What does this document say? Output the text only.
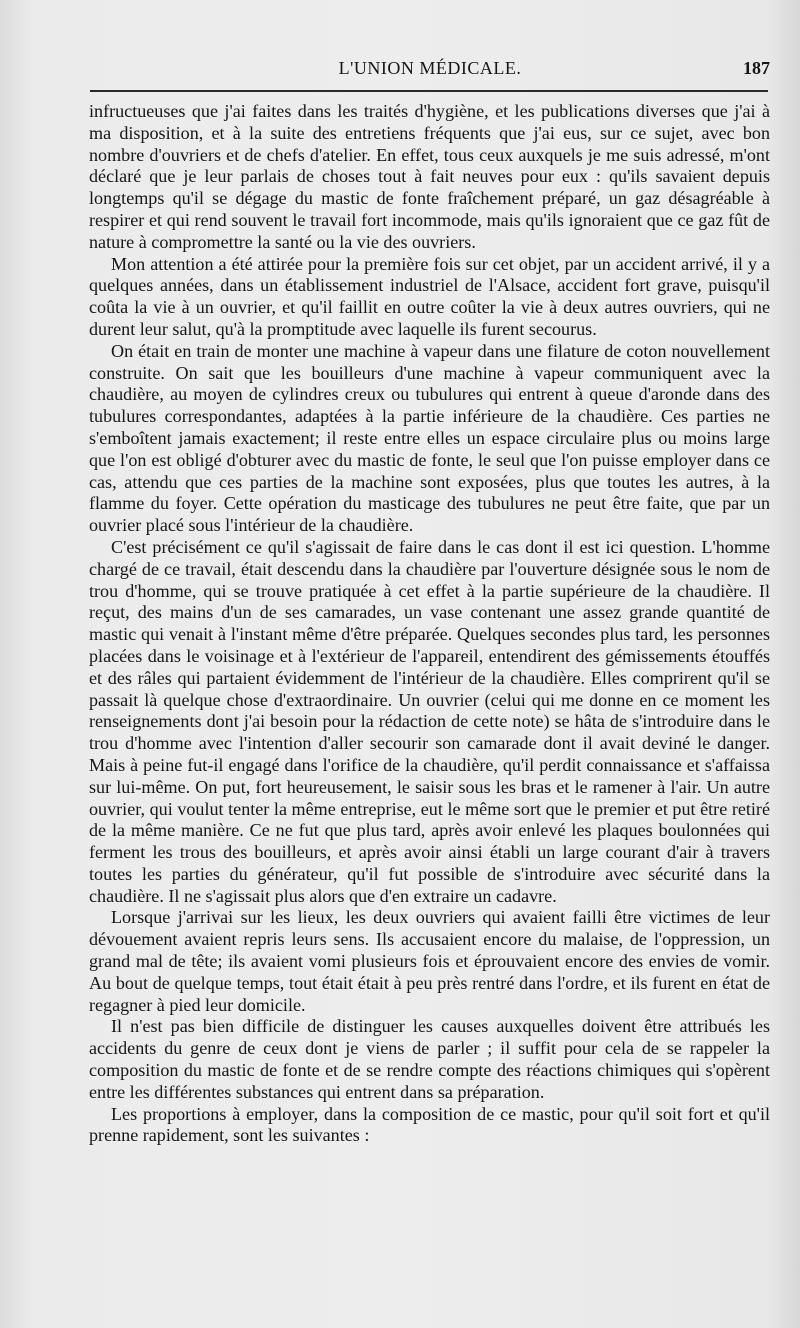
L'UNION MÉDICALE.	187

infructueuses que j'ai faites dans les traités d'hygiène, et les publications diverses que j'ai à ma disposition, et à la suite des entretiens fréquents que j'ai eus, sur ce sujet, avec bon nombre d'ouvriers et de chefs d'atelier. En effet, tous ceux auxquels je me suis adressé, m'ont déclaré que je leur parlais de choses tout à fait neuves pour eux : qu'ils savaient depuis longtemps qu'il se dégage du mastic de fonte fraîchement préparé, un gaz désagréable à respirer et qui rend souvent le travail fort incommode, mais qu'ils ignoraient que ce gaz fût de nature à compromettre la santé ou la vie des ouvriers.

Mon attention a été attirée pour la première fois sur cet objet, par un accident arrivé, il y a quelques années, dans un établissement industriel de l'Alsace, accident fort grave, puisqu'il coûta la vie à un ouvrier, et qu'il faillit en outre coûter la vie à deux autres ouvriers, qui ne durent leur salut, qu'à la promptitude avec laquelle ils furent secourus.

On était en train de monter une machine à vapeur dans une filature de coton nouvellement construite. On sait que les bouilleurs d'une machine à vapeur communiquent avec la chaudière, au moyen de cylindres creux ou tubulures qui entrent à queue d'aronde dans des tubulures correspondantes, adaptées à la partie inférieure de la chaudière. Ces parties ne s'emboîtent jamais exactement; il reste entre elles un espace circulaire plus ou moins large que l'on est obligé d'obturer avec du mastic de fonte, le seul que l'on puisse employer dans ce cas, attendu que ces parties de la machine sont exposées, plus que toutes les autres, à la flamme du foyer. Cette opération du masticage des tubulures ne peut être faite, que par un ouvrier placé sous l'intérieur de la chaudière.

C'est précisément ce qu'il s'agissait de faire dans le cas dont il est ici question. L'homme chargé de ce travail, était descendu dans la chaudière par l'ouverture désignée sous le nom de trou d'homme, qui se trouve pratiquée à cet effet à la partie supérieure de la chaudière. Il reçut, des mains d'un de ses camarades, un vase contenant une assez grande quantité de mastic qui venait à l'instant même d'être préparée. Quelques secondes plus tard, les personnes placées dans le voisinage et à l'extérieur de l'appareil, entendirent des gémissements étouffés et des râles qui partaient évidemment de l'intérieur de la chaudière. Elles comprirent qu'il se passait là quelque chose d'extraordinaire. Un ouvrier (celui qui me donne en ce moment les renseignements dont j'ai besoin pour la rédaction de cette note) se hâta de s'introduire dans le trou d'homme avec l'intention d'aller secourir son camarade dont il avait deviné le danger. Mais à peine fut-il engagé dans l'orifice de la chaudière, qu'il perdit connaissance et s'affaissa sur lui-même. On put, fort heureusement, le saisir sous les bras et le ramener à l'air. Un autre ouvrier, qui voulut tenter la même entreprise, eut le même sort que le premier et put être retiré de la même manière. Ce ne fut que plus tard, après avoir enlevé les plaques boulonnées qui ferment les trous des bouilleurs, et après avoir ainsi établi un large courant d'air à travers toutes les parties du générateur, qu'il fut possible de s'introduire avec sécurité dans la chaudière. Il ne s'agissait plus alors que d'en extraire un cadavre.

Lorsque j'arrivai sur les lieux, les deux ouvriers qui avaient failli être victimes de leur dévouement avaient repris leurs sens. Ils accusaient encore du malaise, de l'oppression, un grand mal de tête; ils avaient vomi plusieurs fois et éprouvaient encore des envies de vomir. Au bout de quelque temps, tout était était à peu près rentré dans l'ordre, et ils furent en état de regagner à pied leur domicile.

Il n'est pas bien difficile de distinguer les causes auxquelles doivent être attribués les accidents du genre de ceux dont je viens de parler ; il suffit pour cela de se rappeler la composition du mastic de fonte et de se rendre compte des réactions chimiques qui s'opèrent entre les différentes substances qui entrent dans sa préparation.

Les proportions à employer, dans la composition de ce mastic, pour qu'il soit fort et qu'il prenne rapidement, sont les suivantes :
